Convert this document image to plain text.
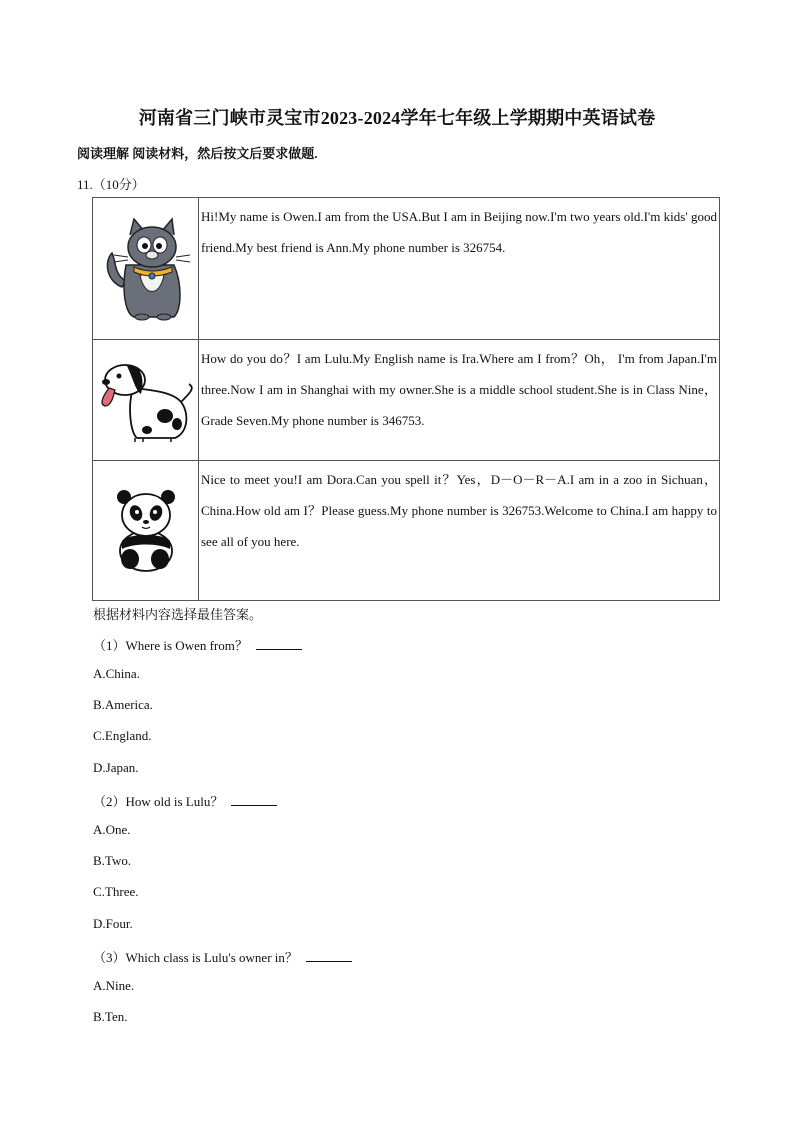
河南省三门峡市灵宝市2023-2024学年七年级上学期期中英语试卷
阅读理解 阅读材料，然后按文后要求做题.
11.（10分）
	Hi!My name is Owen.I am from the USA.But I am in Beijing now.I'm two years old.I'm kids' good friend.My best friend is Ann.My phone number is 326754.

	How do you do？I am Lulu.My English name is Ira.Where am I from？Oh， I'm from Japan.I'm three.Now I am in Shanghai with my owner.She is a middle school student.She is in Class Nine，Grade Seven.My phone number is 346753.

	Nice to meet you!I am Dora.Can you spell it？Yes，D－O－R－A.I am in a zoo in Sichuan，China.How old am I？Please guess.My phone number is 326753.Welcome to China.I am happy to see all of you here.
根据材料内容选择最佳答案。
（1）Where is Owen from？
A.China.
B.America.
C.England.
D.Japan.
（2）How old is Lulu？
A.One.
B.Two.
C.Three.
D.Four.
（3）Which class is Lulu's owner in？
A.Nine.
B.Ten.
